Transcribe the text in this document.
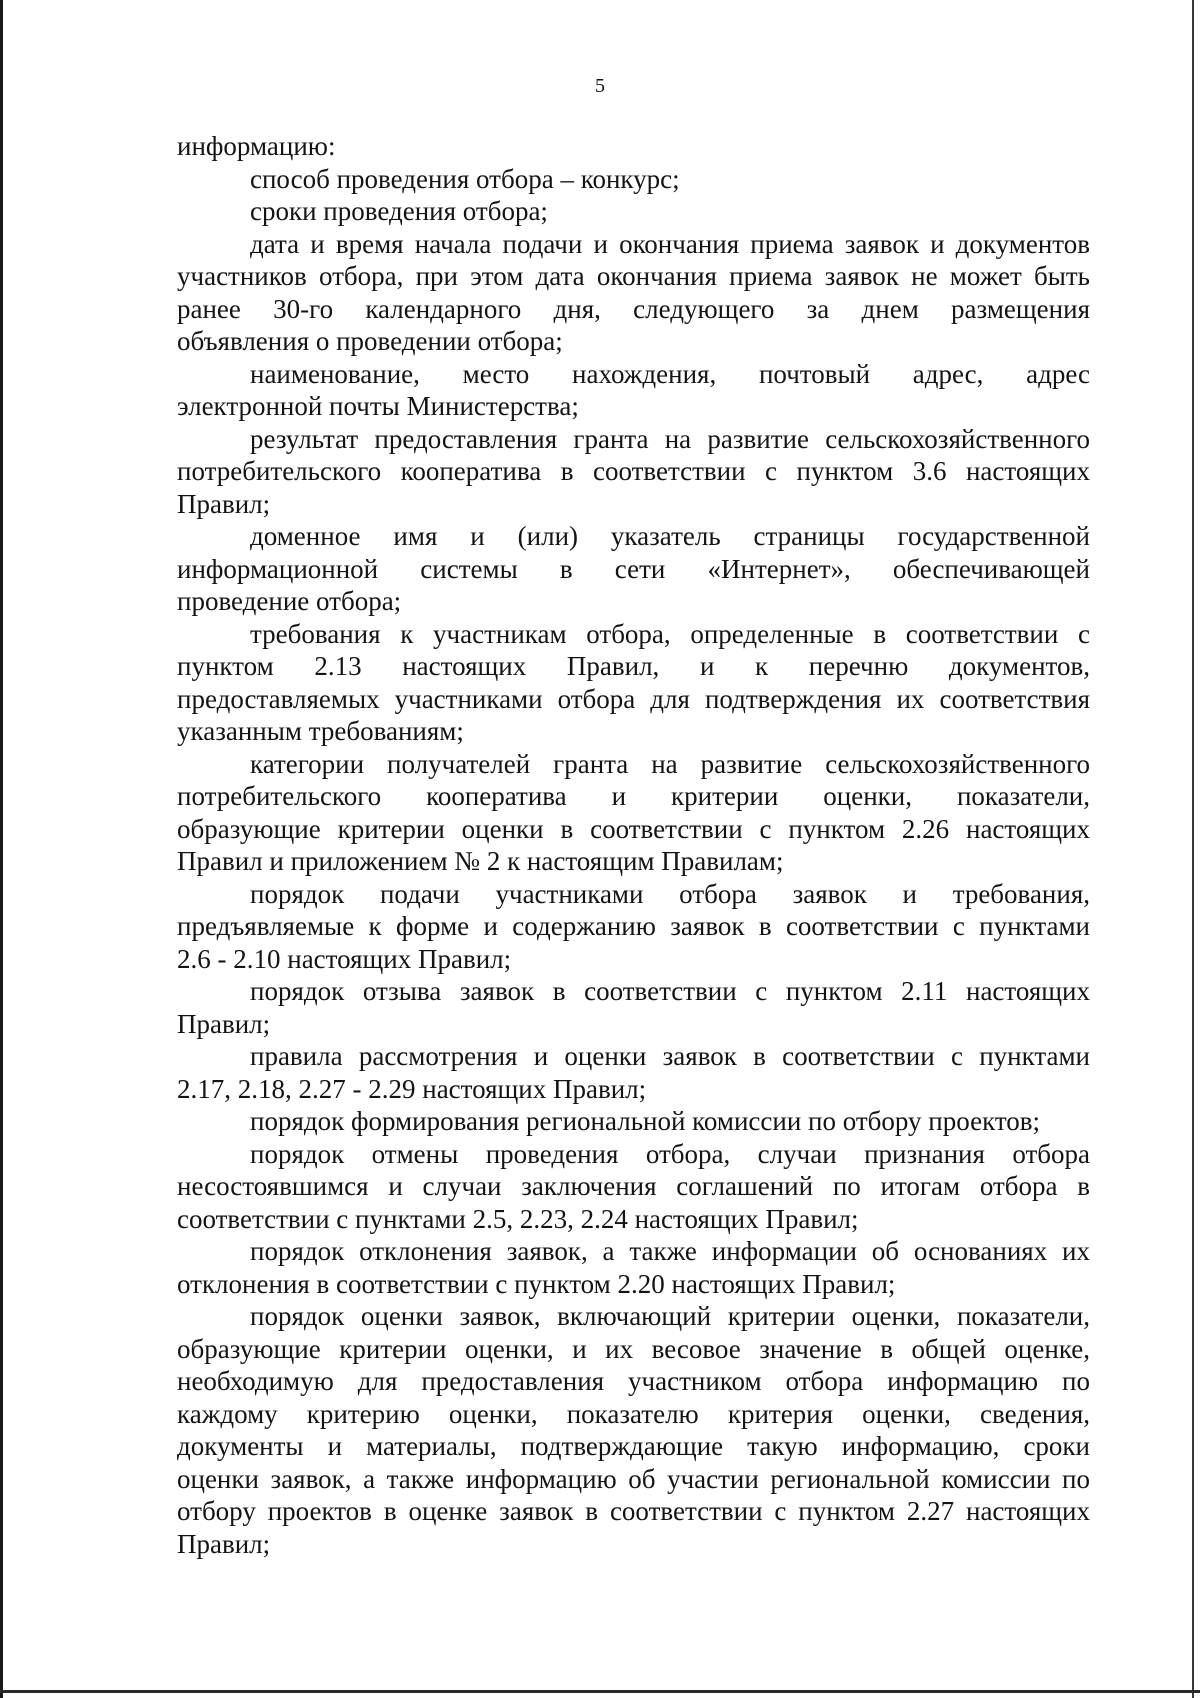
5
информацию:
способ проведения отбора – конкурс;
сроки проведения отбора;
дата и время начала подачи и окончания приема заявок и документов
участников отбора, при этом дата окончания приема заявок не может быть
ранее 30-го календарного дня, следующего за днем размещения
объявления о проведении отбора;
наименование, место нахождения, почтовый адрес, адрес
электронной почты Министерства;
результат предоставления гранта на развитие сельскохозяйственного
потребительского кооператива в соответствии с пунктом 3.6 настоящих
Правил;
доменное имя и (или) указатель страницы государственной
информационной системы в сети «Интернет», обеспечивающей
проведение отбора;
требования к участникам отбора, определенные в соответствии с
пунктом 2.13 настоящих Правил, и к перечню документов,
предоставляемых участниками отбора для подтверждения их соответствия
указанным требованиям;
категории получателей гранта на развитие сельскохозяйственного
потребительского кооператива и критерии оценки, показатели,
образующие критерии оценки в соответствии с пунктом 2.26 настоящих
Правил и приложением № 2 к настоящим Правилам;
порядок подачи участниками отбора заявок и требования,
предъявляемые к форме и содержанию заявок в соответствии с пунктами
2.6 - 2.10 настоящих Правил;
порядок отзыва заявок в соответствии с пунктом 2.11 настоящих
Правил;
правила рассмотрения и оценки заявок в соответствии с пунктами
2.17, 2.18, 2.27 - 2.29 настоящих Правил;
порядок формирования региональной комиссии по отбору проектов;
порядок отмены проведения отбора, случаи признания отбора
несостоявшимся и случаи заключения соглашений по итогам отбора в
соответствии с пунктами 2.5, 2.23, 2.24 настоящих Правил;
порядок отклонения заявок, а также информации об основаниях их
отклонения в соответствии с пунктом 2.20 настоящих Правил;
порядок оценки заявок, включающий критерии оценки, показатели,
образующие критерии оценки, и их весовое значение в общей оценке,
необходимую для предоставления участником отбора информацию по
каждому критерию оценки, показателю критерия оценки, сведения,
документы и материалы, подтверждающие такую информацию, сроки
оценки заявок, а также информацию об участии региональной комиссии по
отбору проектов в оценке заявок в соответствии с пунктом 2.27 настоящих
Правил;
